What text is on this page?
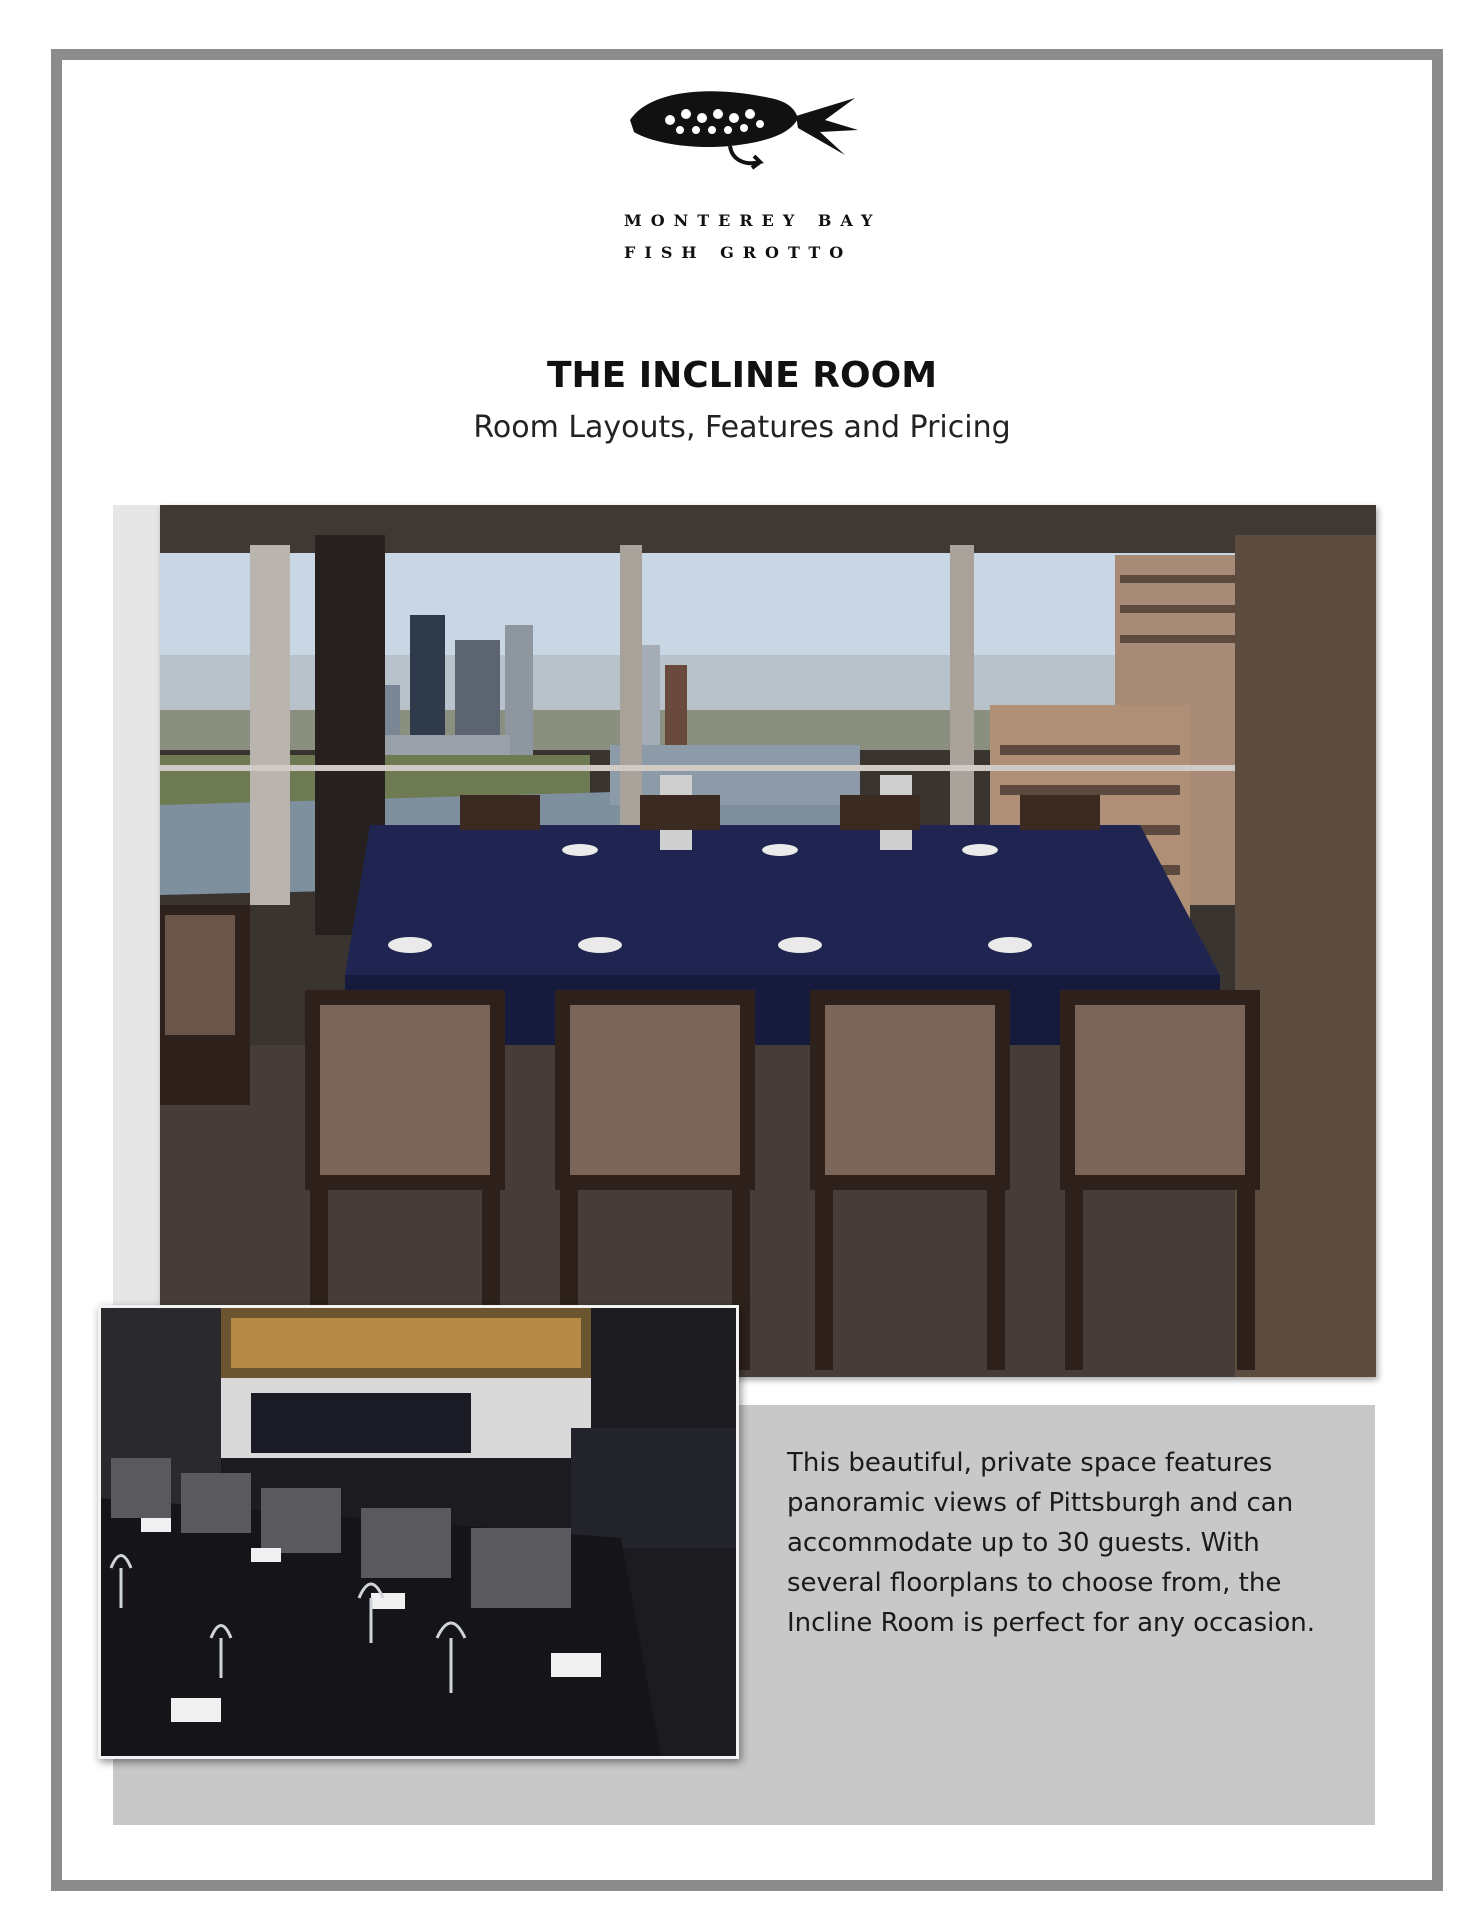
MONTEREY BAY
FISH GROTTO
THE INCLINE ROOM
Room Layouts, Features and Pricing
This beautiful, private space features
panoramic views of Pittsburgh and can
accommodate up to 30 guests. With
several floorplans to choose from, the
Incline Room is perfect for any occasion.
